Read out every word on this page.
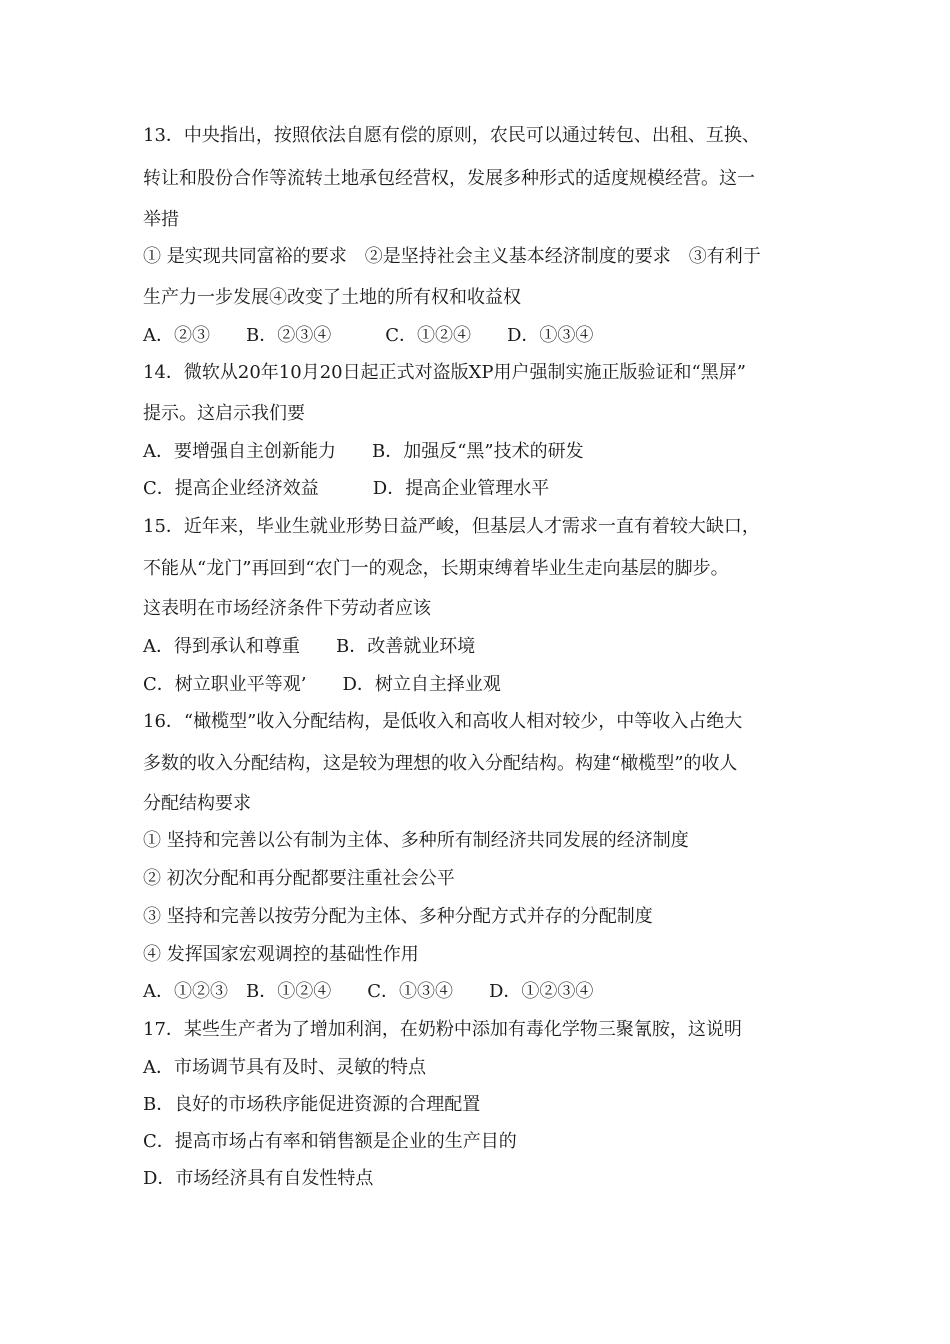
13．中央指出，按照依法自愿有偿的原则，农民可以通过转包、出租、互换、
转让和股份合作等流转土地承包经营权，发展多种形式的适度规模经营。这一
举措
① 是实现共同富裕的要求　②是坚持社会主义基本经济制度的要求　③有利于
生产力一步发展④改变了土地的所有权和收益权
A．②③　　B．②③④　　　C．①②④　　D．①③④
14．微软从20年10月20日起正式对盗版XP用户强制实施正版验证和“黑屏”
提示。这启示我们要
A．要增强自主创新能力　　B．加强反“黑”技术的研发
C．提高企业经济效益　　　D．提高企业管理水平
15．近年来，毕业生就业形势日益严峻，但基层人才需求一直有着较大缺口，
不能从“龙门”再回到“农门一的观念，长期束缚着毕业生走向基层的脚步。
这表明在市场经济条件下劳动者应该
A．得到承认和尊重　　B．改善就业环境
C．树立职业平等观’　　D．树立自主择业观
16．“橄榄型”收入分配结构，是低收入和高收人相对较少，中等收入占绝大
多数的收入分配结构，这是较为理想的收入分配结构。构建“橄榄型”的收人
分配结构要求
① 坚持和完善以公有制为主体、多种所有制经济共同发展的经济制度
② 初次分配和再分配都要注重社会公平
③ 坚持和完善以按劳分配为主体、多种分配方式并存的分配制度
④ 发挥国家宏观调控的基础性作用
A．①②③　B．①②④　　C．①③④　　D．①②③④
17．某些生产者为了增加利润，在奶粉中添加有毒化学物三聚氰胺，这说明
A．市场调节具有及时、灵敏的特点
B．良好的市场秩序能促进资源的合理配置
C．提高市场占有率和销售额是企业的生产目的
D．市场经济具有自发性特点
